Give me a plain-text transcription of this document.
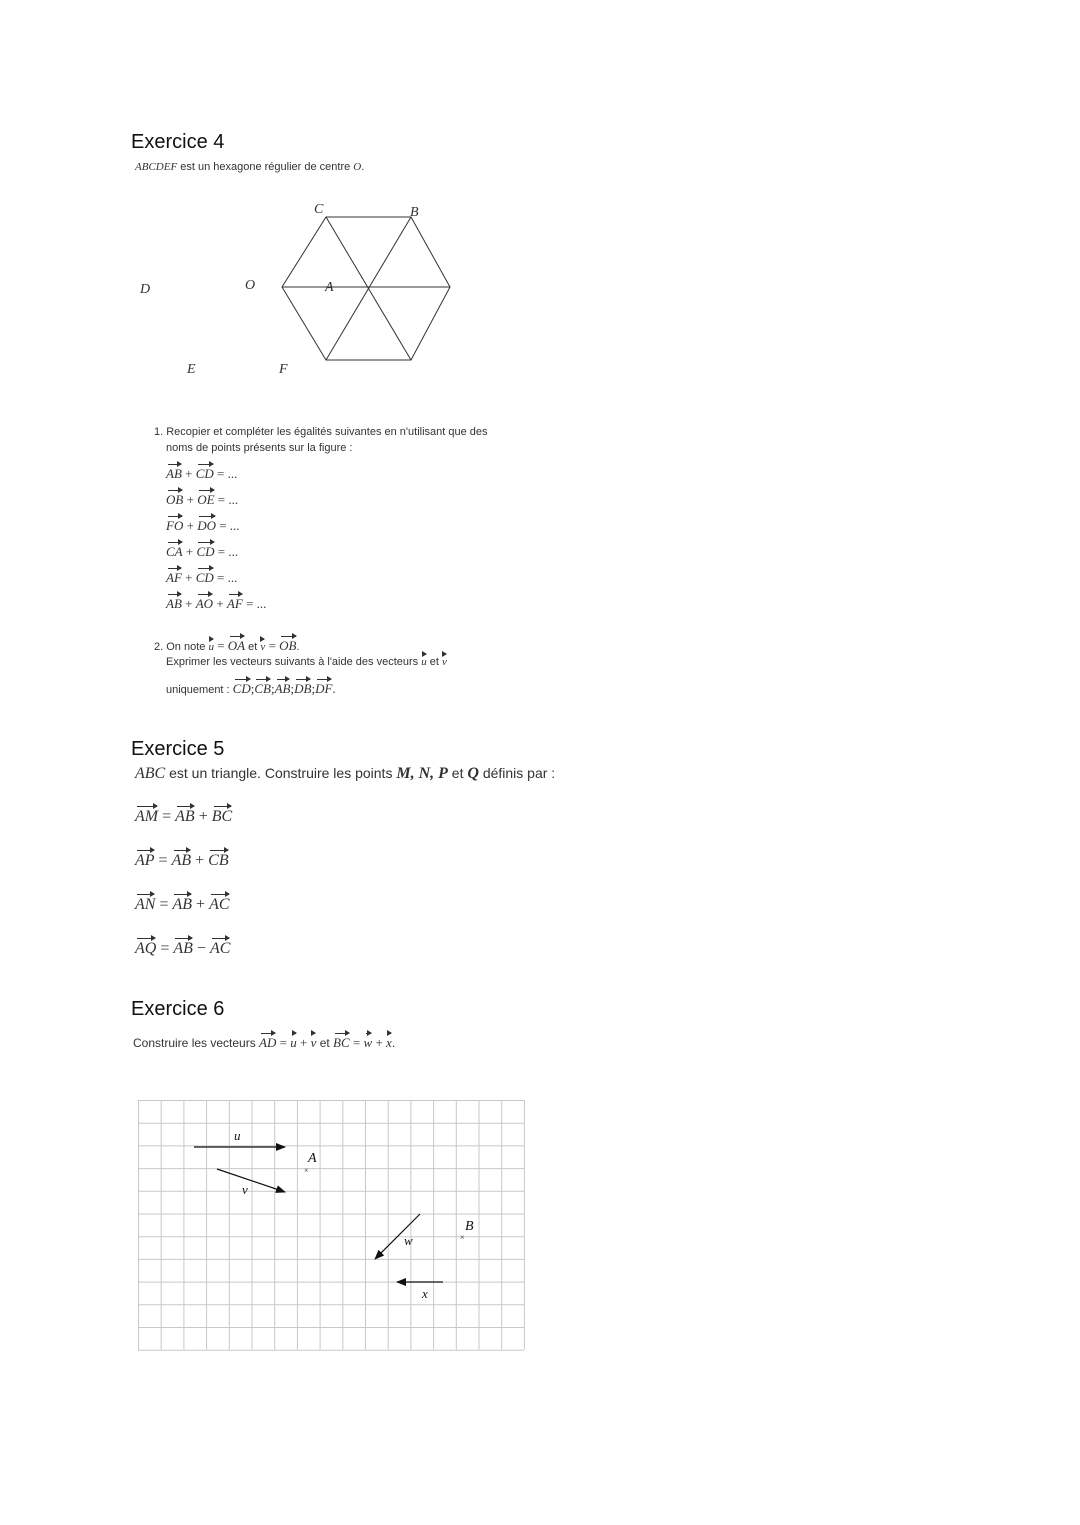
Exercice 4
ABCDEF est un hexagone régulier de centre O.
C	B
D	A
O
E	F
1. Recopier et compléter les égalités suivantes en n'utilisant que des
noms de points présents sur la figure :
AB + CD = ...
OB + OE = ...
FO + DO = ...
CA + CD = ...
AF + CD = ...
AB + AO + AF = ...
2. On note u = OA et v = OB.
Exprimer les vecteurs suivants à l'aide des vecteurs u et v
uniquement : CD;CB;AB;DB;DF.
Exercice 5
ABC est un triangle. Construire les points M, N, P et Q définis par :
AM = AB + BC
AP = AB + CB
AN = AB + AC
AQ = AB − AC
Exercice 6
Construire les vecteurs AD = u + v et BC = w + x.
u
v
w
x
A
B
×
×
